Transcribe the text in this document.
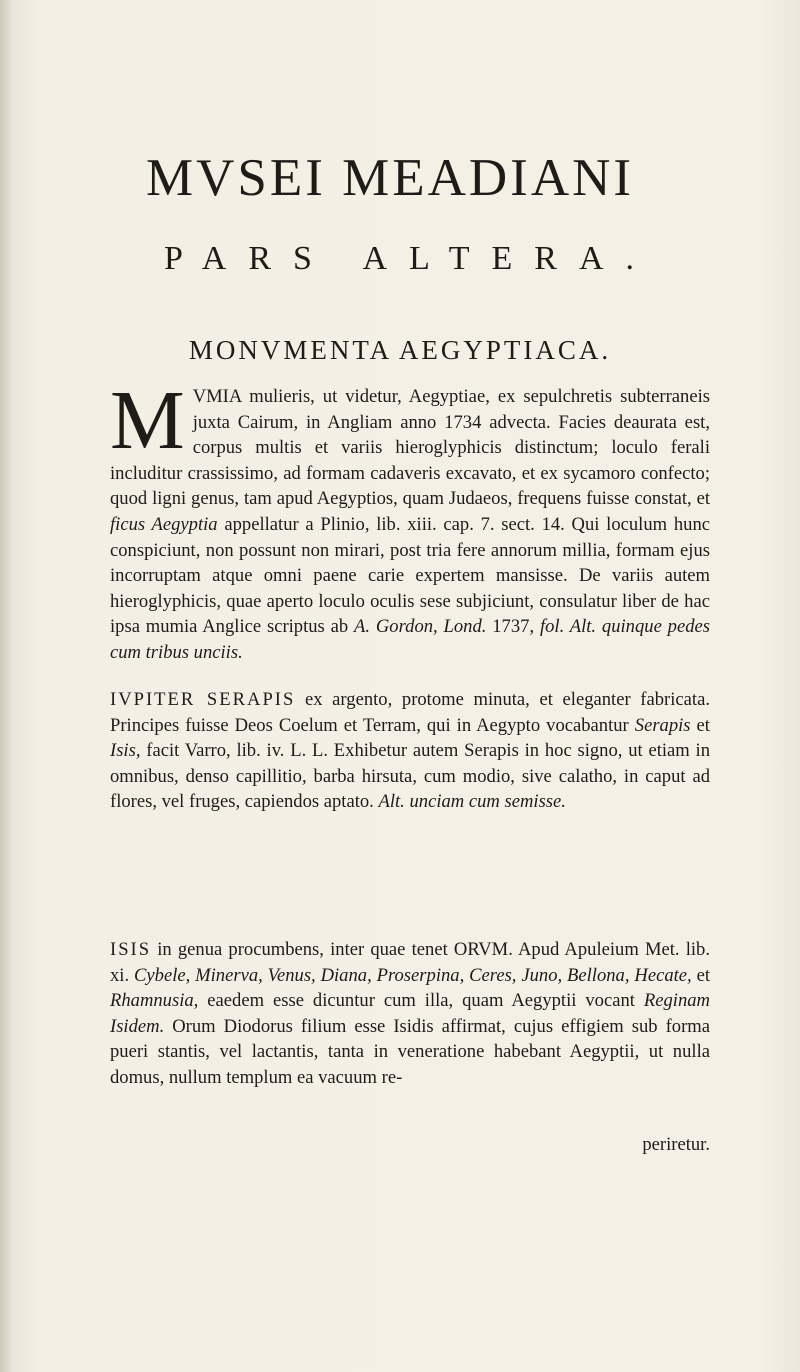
MVSEI MEADIANI
PARS ALTERA.
MONVMENTA AEGYPTIACA.
MVMIA mulieris, ut videtur, Aegyptiae, ex sepulchretis subterraneis juxta Cairum, in Angliam anno 1734 advecta. Facies deaurata est, corpus multis et variis hieroglyphicis distinctum; loculo ferali includitur crassissimo, ad formam cadaveris excavato, et ex sycamoro confecto; quod ligni genus, tam apud Aegyptios, quam Judaeos, frequens fuisse constat, et ficus Aegyptia appellatur a Plinio, lib. xiii. cap. 7. sect. 14. Qui loculum hunc conspiciunt, non possunt non mirari, post tria fere annorum millia, formam ejus incorruptam atque omni paene carie expertem mansisse. De variis autem hieroglyphicis, quae aperto loculo oculis sese subjiciunt, consulatur liber de hac ipsa mumia Anglice scriptus ab A. Gordon, Lond. 1737, fol. Alt. quinque pedes cum tribus unciis.
IVPITER SERAPIS ex argento, protome minuta, et eleganter fabricata. Principes fuisse Deos Coelum et Terram, qui in Aegypto vocabantur Serapis et Isis, facit Varro, lib. iv. L. L. Exhibetur autem Serapis in hoc signo, ut etiam in omnibus, denso capillitio, barba hirsuta, cum modio, sive calatho, in caput ad flores, vel fruges, capiendos aptato. Alt. unciam cum semisse.
ISIS in genua procumbens, inter quae tenet ORVM. Apud Apuleium Met. lib. xi. Cybele, Minerva, Venus, Diana, Proserpina, Ceres, Juno, Bellona, Hecate, et Rhamnusia, eaedem esse dicuntur cum illa, quam Aegyptii vocant Reginam Isidem. Orum Diodorus filium esse Isidis affirmat, cujus effigiem sub forma pueri stantis, vel lactantis, tanta in veneratione habebant Aegyptii, ut nulla domus, nullum templum ea vacuum re-
periretur.
